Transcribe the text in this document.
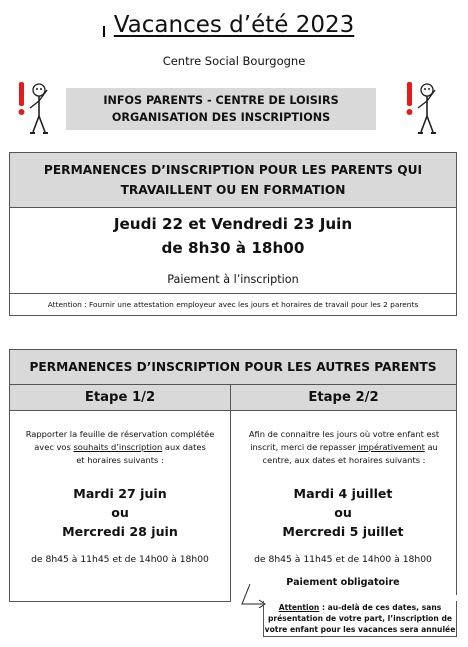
Vacances d’été 2023
Centre Social Bourgogne
INFOS PARENTS - CENTRE DE LOISIRS
ORGANISATION DES INSCRIPTIONS
PERMANENCES D’INSCRIPTION POUR LES PARENTS QUI
TRAVAILLENT OU EN FORMATION
Jeudi 22 et Vendredi 23 Juin
de 8h30 à 18h00
Paiement à l’inscription
Attention : Fournir une attestation employeur avec les jours et horaires de travail pour les 2 parents
PERMANENCES D’INSCRIPTION POUR LES AUTRES PARENTS
Etape 1/2	Etape 2/2
Rapporter la feuille de réservation complétée
avec vos souhaits d’inscription aux dates
et horaires suivants :
Mardi 27 juin
ou
Mercredi 28 juin
de 8h45 à 11h45 et de 14h00 à 18h00
Afin de connaitre les jours où votre enfant est
inscrit, merci de repasser impérativement au
centre, aux dates et horaires suivants :
Mardi 4 juillet
ou
Mercredi 5 juillet
de 8h45 à 11h45 et de 14h00 à 18h00
Paiement obligatoire
Attention : au-delà de ces dates, sans
présentation de votre part, l’inscription de
votre enfant pour les vacances sera annulée
